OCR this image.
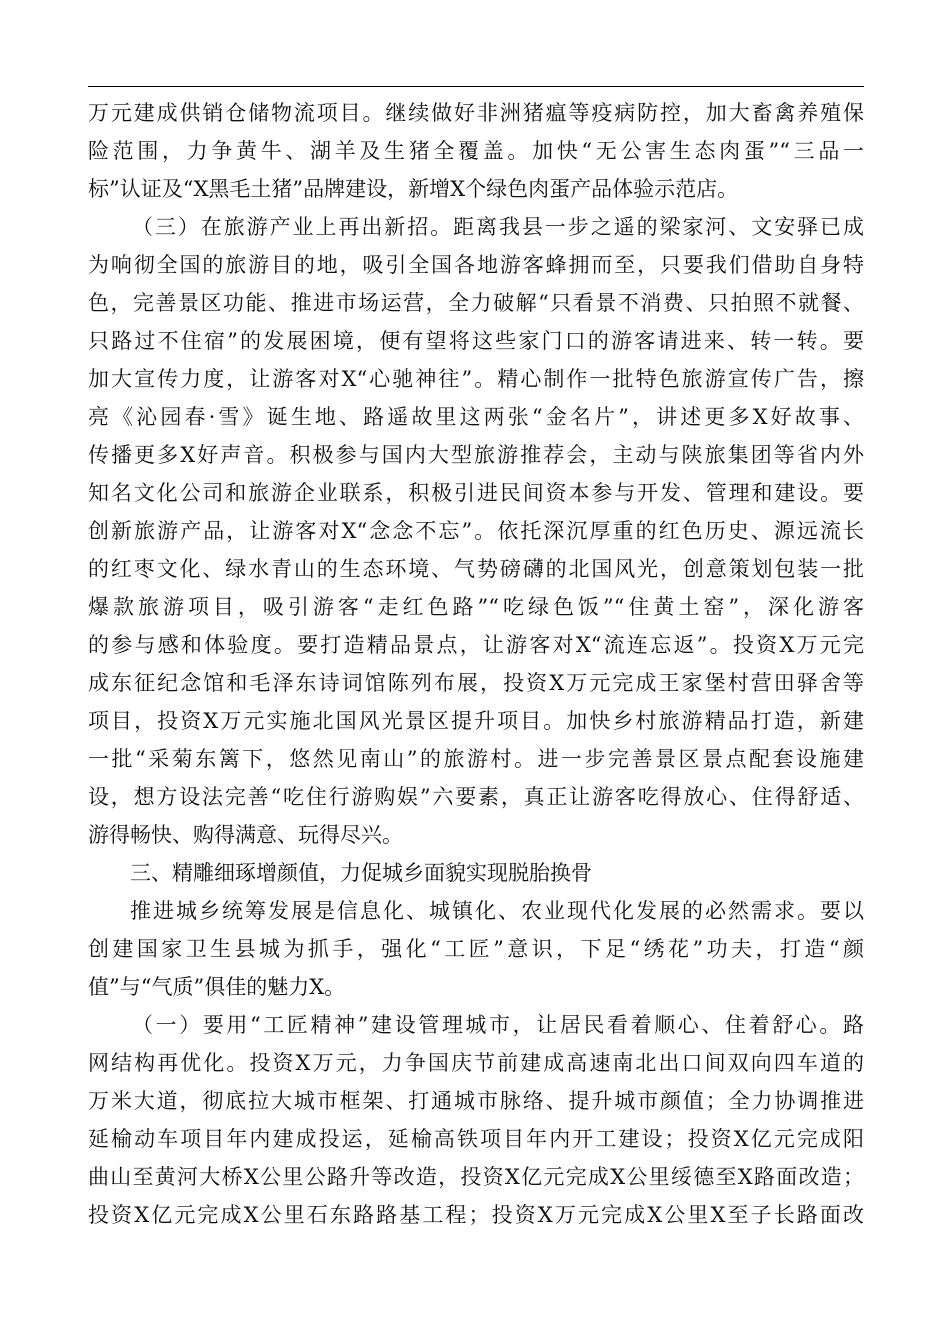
万元建成供销仓储物流项目。继续做好非洲猪瘟等疫病防控，加大畜禽养殖保
险范围，力争黄牛、湖羊及生猪全覆盖。加快“无公害生态肉蛋”“三品一
标”认证及“X黑毛土猪”品牌建设，新增X个绿色肉蛋产品体验示范店。
（三）在旅游产业上再出新招。距离我县一步之遥的梁家河、文安驿已成
为响彻全国的旅游目的地，吸引全国各地游客蜂拥而至，只要我们借助自身特
色，完善景区功能、推进市场运营，全力破解“只看景不消费、只拍照不就餐、
只路过不住宿”的发展困境，便有望将这些家门口的游客请进来、转一转。要
加大宣传力度，让游客对X“心驰神往”。精心制作一批特色旅游宣传广告，擦
亮《沁园春·雪》诞生地、路遥故里这两张“金名片”，讲述更多X好故事、
传播更多X好声音。积极参与国内大型旅游推荐会，主动与陕旅集团等省内外
知名文化公司和旅游企业联系，积极引进民间资本参与开发、管理和建设。要
创新旅游产品，让游客对X“念念不忘”。依托深沉厚重的红色历史、源远流长
的红枣文化、绿水青山的生态环境、气势磅礴的北国风光，创意策划包装一批
爆款旅游项目，吸引游客“走红色路”“吃绿色饭”“住黄土窑”，深化游客
的参与感和体验度。要打造精品景点，让游客对X“流连忘返”。投资X万元完
成东征纪念馆和毛泽东诗词馆陈列布展，投资X万元完成王家堡村营田驿舍等
项目，投资X万元实施北国风光景区提升项目。加快乡村旅游精品打造，新建
一批“采菊东篱下，悠然见南山”的旅游村。进一步完善景区景点配套设施建
设，想方设法完善“吃住行游购娱”六要素，真正让游客吃得放心、住得舒适、
游得畅快、购得满意、玩得尽兴。
三、精雕细琢增颜值，力促城乡面貌实现脱胎换骨
推进城乡统筹发展是信息化、城镇化、农业现代化发展的必然需求。要以
创建国家卫生县城为抓手，强化“工匠”意识，下足“绣花”功夫，打造“颜
值”与“气质”俱佳的魅力X。
（一）要用“工匠精神”建设管理城市，让居民看着顺心、住着舒心。路
网结构再优化。投资X万元，力争国庆节前建成高速南北出口间双向四车道的
万米大道，彻底拉大城市框架、打通城市脉络、提升城市颜值；全力协调推进
延榆动车项目年内建成投运，延榆高铁项目年内开工建设；投资X亿元完成阳
曲山至黄河大桥X公里公路升等改造，投资X亿元完成X公里绥德至X路面改造；
投资X亿元完成X公里石东路路基工程；投资X万元完成X公里X至子长路面改
